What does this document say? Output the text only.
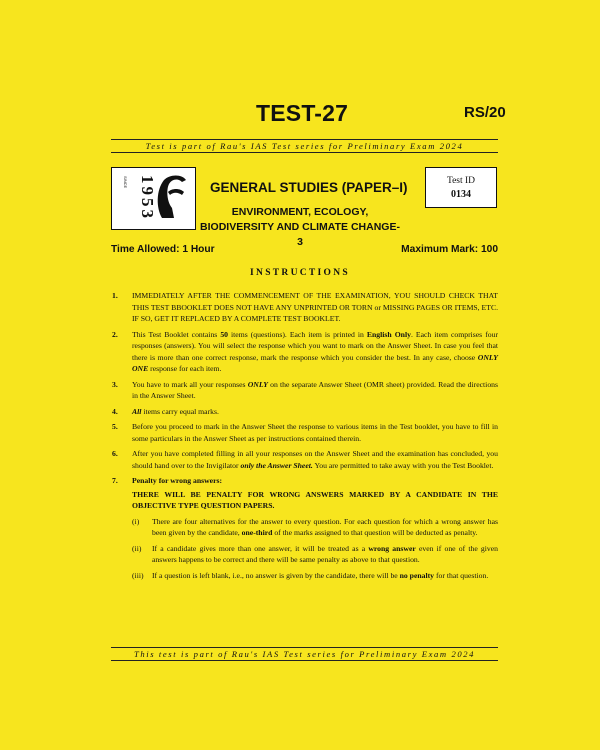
TEST-27	RS/20
Test is part of Rau's IAS Test series for Preliminary Exam 2024
1953
SINCE	GENERAL STUDIES (PAPER–I)
ENVIRONMENT, ECOLOGY,
BIODIVERSITY AND CLIMATE CHANGE-3
Test ID
0134
Time Allowed: 1 Hour	Maximum Mark: 100
INSTRUCTIONS
1.	IMMEDIATELY AFTER THE COMMENCEMENT OF THE EXAMINATION, YOU SHOULD CHECK THAT THIS TEST BBOOKLET DOES NOT HAVE ANY UNPRINTED OR TORN or MISSING PAGES OR ITEMS, ETC. IF SO, GET IT REPLACED BY A COMPLETE TEST BOOKLET.
2.	This Test Booklet contains 50 items (questions). Each item is printed in English Only. Each item comprises four responses (answers). You will select the response which you want to mark on the Answer Sheet. In case you feel that there is more than one correct response, mark the response which you consider the best. In any case, choose ONLY ONE response for each item.
3.	You have to mark all your responses ONLY on the separate Answer Sheet (OMR sheet) provided. Read the directions in the Answer Sheet.
4.	All items carry equal marks.
5.	Before you proceed to mark in the Answer Sheet the response to various items in the Test booklet, you have to fill in some particulars in the Answer Sheet as per instructions contained therein.
6.	After you have completed filling in all your responses on the Answer Sheet and the examination has concluded, you should hand over to the Invigilator only the Answer Sheet. You are permitted to take away with you the Test Booklet.
7.	Penalty for wrong answers:
THERE WILL BE PENALTY FOR WRONG ANSWERS MARKED BY A CANDIDATE IN THE OBJECTIVE TYPE QUESTION PAPERS.
(i)	There are four alternatives for the answer to every question. For each question for which a wrong answer has been given by the candidate, one-third of the marks assigned to that question will be deducted as penalty.
(ii)	If a candidate gives more than one answer, it will be treated as a wrong answer even if one of the given answers happens to be correct and there will be same penalty as above to that question.
(iii)	If a question is left blank, i.e., no answer is given by the candidate, there will be no penalty for that question.
This test is part of Rau's IAS Test series for Preliminary Exam 2024
